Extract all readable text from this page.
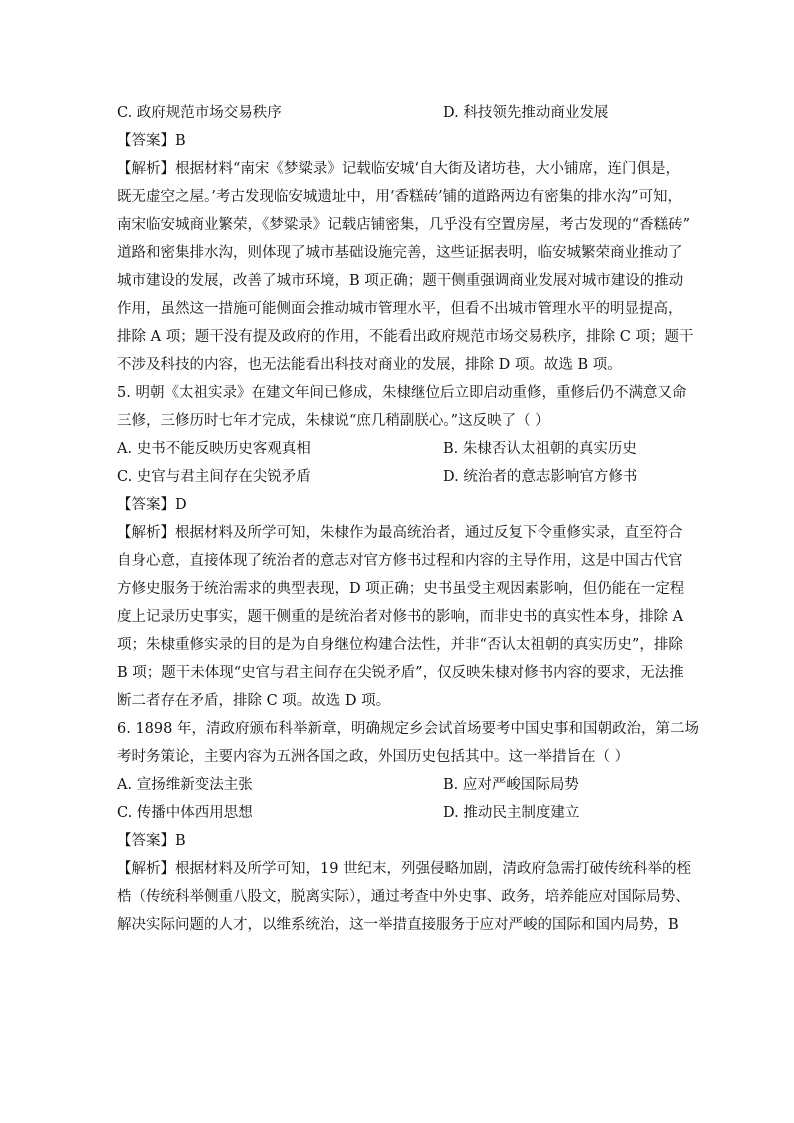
C. 政府规范市场交易秩序	D. 科技领先推动商业发展
【答案】B
【解析】根据材料“南宋《梦粱录》记载临安城‘自大街及诸坊巷，大小铺席，连门俱是，
既无虚空之屋。’考古发现临安城遗址中，用‘香糕砖’铺的道路两边有密集的排水沟”可知，
南宋临安城商业繁荣，《梦粱录》记载店铺密集，几乎没有空置房屋，考古发现的“香糕砖”
道路和密集排水沟，则体现了城市基础设施完善，这些证据表明，临安城繁荣商业推动了
城市建设的发展，改善了城市环境，B 项正确；题干侧重强调商业发展对城市建设的推动
作用，虽然这一措施可能侧面会推动城市管理水平，但看不出城市管理水平的明显提高，
排除 A 项；题干没有提及政府的作用，不能看出政府规范市场交易秩序，排除 C 项；题干
不涉及科技的内容，也无法能看出科技对商业的发展，排除 D 项。故选 B 项。
5. 明朝《太祖实录》在建文年间已修成，朱棣继位后立即启动重修，重修后仍不满意又命
三修，三修历时七年才完成，朱棣说“庶几稍副朕心。”这反映了（ ）
A. 史书不能反映历史客观真相	B. 朱棣否认太祖朝的真实历史
C. 史官与君主间存在尖锐矛盾	D. 统治者的意志影响官方修书
【答案】D
【解析】根据材料及所学可知，朱棣作为最高统治者，通过反复下令重修实录，直至符合
自身心意，直接体现了统治者的意志对官方修书过程和内容的主导作用，这是中国古代官
方修史服务于统治需求的典型表现，D 项正确；史书虽受主观因素影响，但仍能在一定程
度上记录历史事实，题干侧重的是统治者对修书的影响，而非史书的真实性本身，排除 A
项；朱棣重修实录的目的是为自身继位构建合法性，并非“否认太祖朝的真实历史”，排除
B 项；题干未体现“史官与君主间存在尖锐矛盾”，仅反映朱棣对修书内容的要求，无法推
断二者存在矛盾，排除 C 项。故选 D 项。
6. 1898 年，清政府颁布科举新章，明确规定乡会试首场要考中国史事和国朝政治，第二场
考时务策论，主要内容为五洲各国之政，外国历史包括其中。这一举措旨在（ ）
A. 宣扬维新变法主张	B. 应对严峻国际局势
C. 传播中体西用思想	D. 推动民主制度建立
【答案】B
【解析】根据材料及所学可知，19 世纪末，列强侵略加剧，清政府急需打破传统科举的桎
梏（传统科举侧重八股文，脱离实际），通过考查中外史事、政务，培养能应对国际局势、
解决实际问题的人才，以维系统治，这一举措直接服务于应对严峻的国际和国内局势，B
